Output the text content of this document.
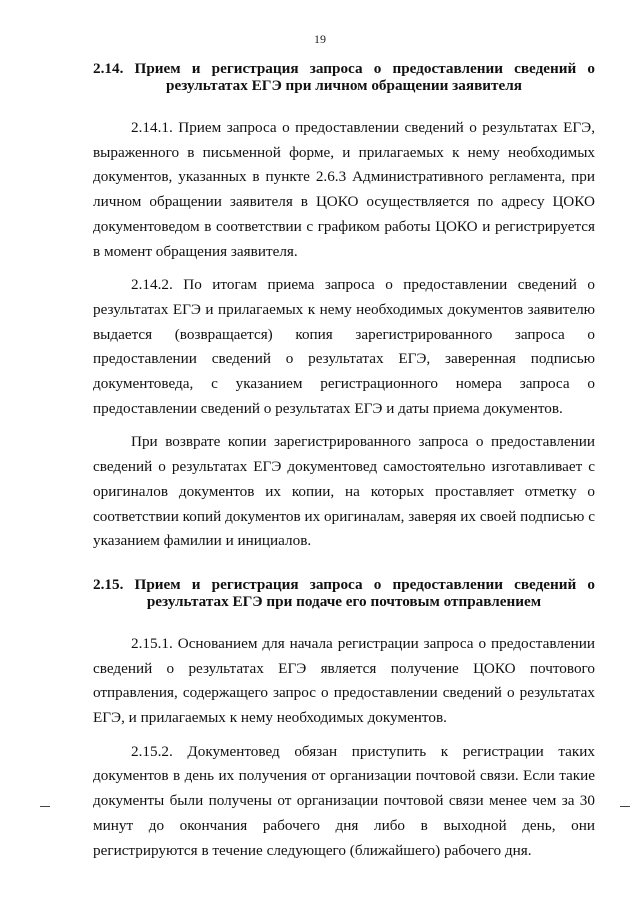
19
2.14. Прием и регистрация запроса о предоставлении сведений о результатах ЕГЭ при личном обращении заявителя

2.14.1. Прием запроса о предоставлении сведений о результатах ЕГЭ, выраженного в письменной форме, и прилагаемых к нему необходимых документов, указанных в пункте 2.6.3 Административного регламента, при личном обращении заявителя в ЦОКО осуществляется по адресу ЦОКО документоведом в соответствии с графиком работы ЦОКО и регистрируется в момент обращения заявителя.

2.14.2. По итогам приема запроса о предоставлении сведений о результатах ЕГЭ и прилагаемых к нему необходимых документов заявителю выдается (возвращается) копия зарегистрированного запроса о предоставлении сведений о результатах ЕГЭ, заверенная подписью документоведа, с указанием регистрационного номера запроса о предоставлении сведений о результатах ЕГЭ и даты приема документов.

При возврате копии зарегистрированного запроса о предоставлении сведений о результатах ЕГЭ документовед самостоятельно изготавливает с оригиналов документов их копии, на которых проставляет отметку о соответствии копий документов их оригиналам, заверяя их своей подписью с указанием фамилии и инициалов.

2.15. Прием и регистрация запроса о предоставлении сведений о результатах ЕГЭ при подаче его почтовым отправлением

2.15.1. Основанием для начала регистрации запроса о предоставлении сведений о результатах ЕГЭ является получение ЦОКО почтового отправления, содержащего запрос о предоставлении сведений о результатах ЕГЭ, и прилагаемых к нему необходимых документов.

2.15.2. Документовед обязан приступить к регистрации таких документов в день их получения от организации почтовой связи. Если такие документы были получены от организации почтовой связи менее чем за 30 минут до окончания рабочего дня либо в выходной день, они регистрируются в течение следующего (ближайшего) рабочего дня.
